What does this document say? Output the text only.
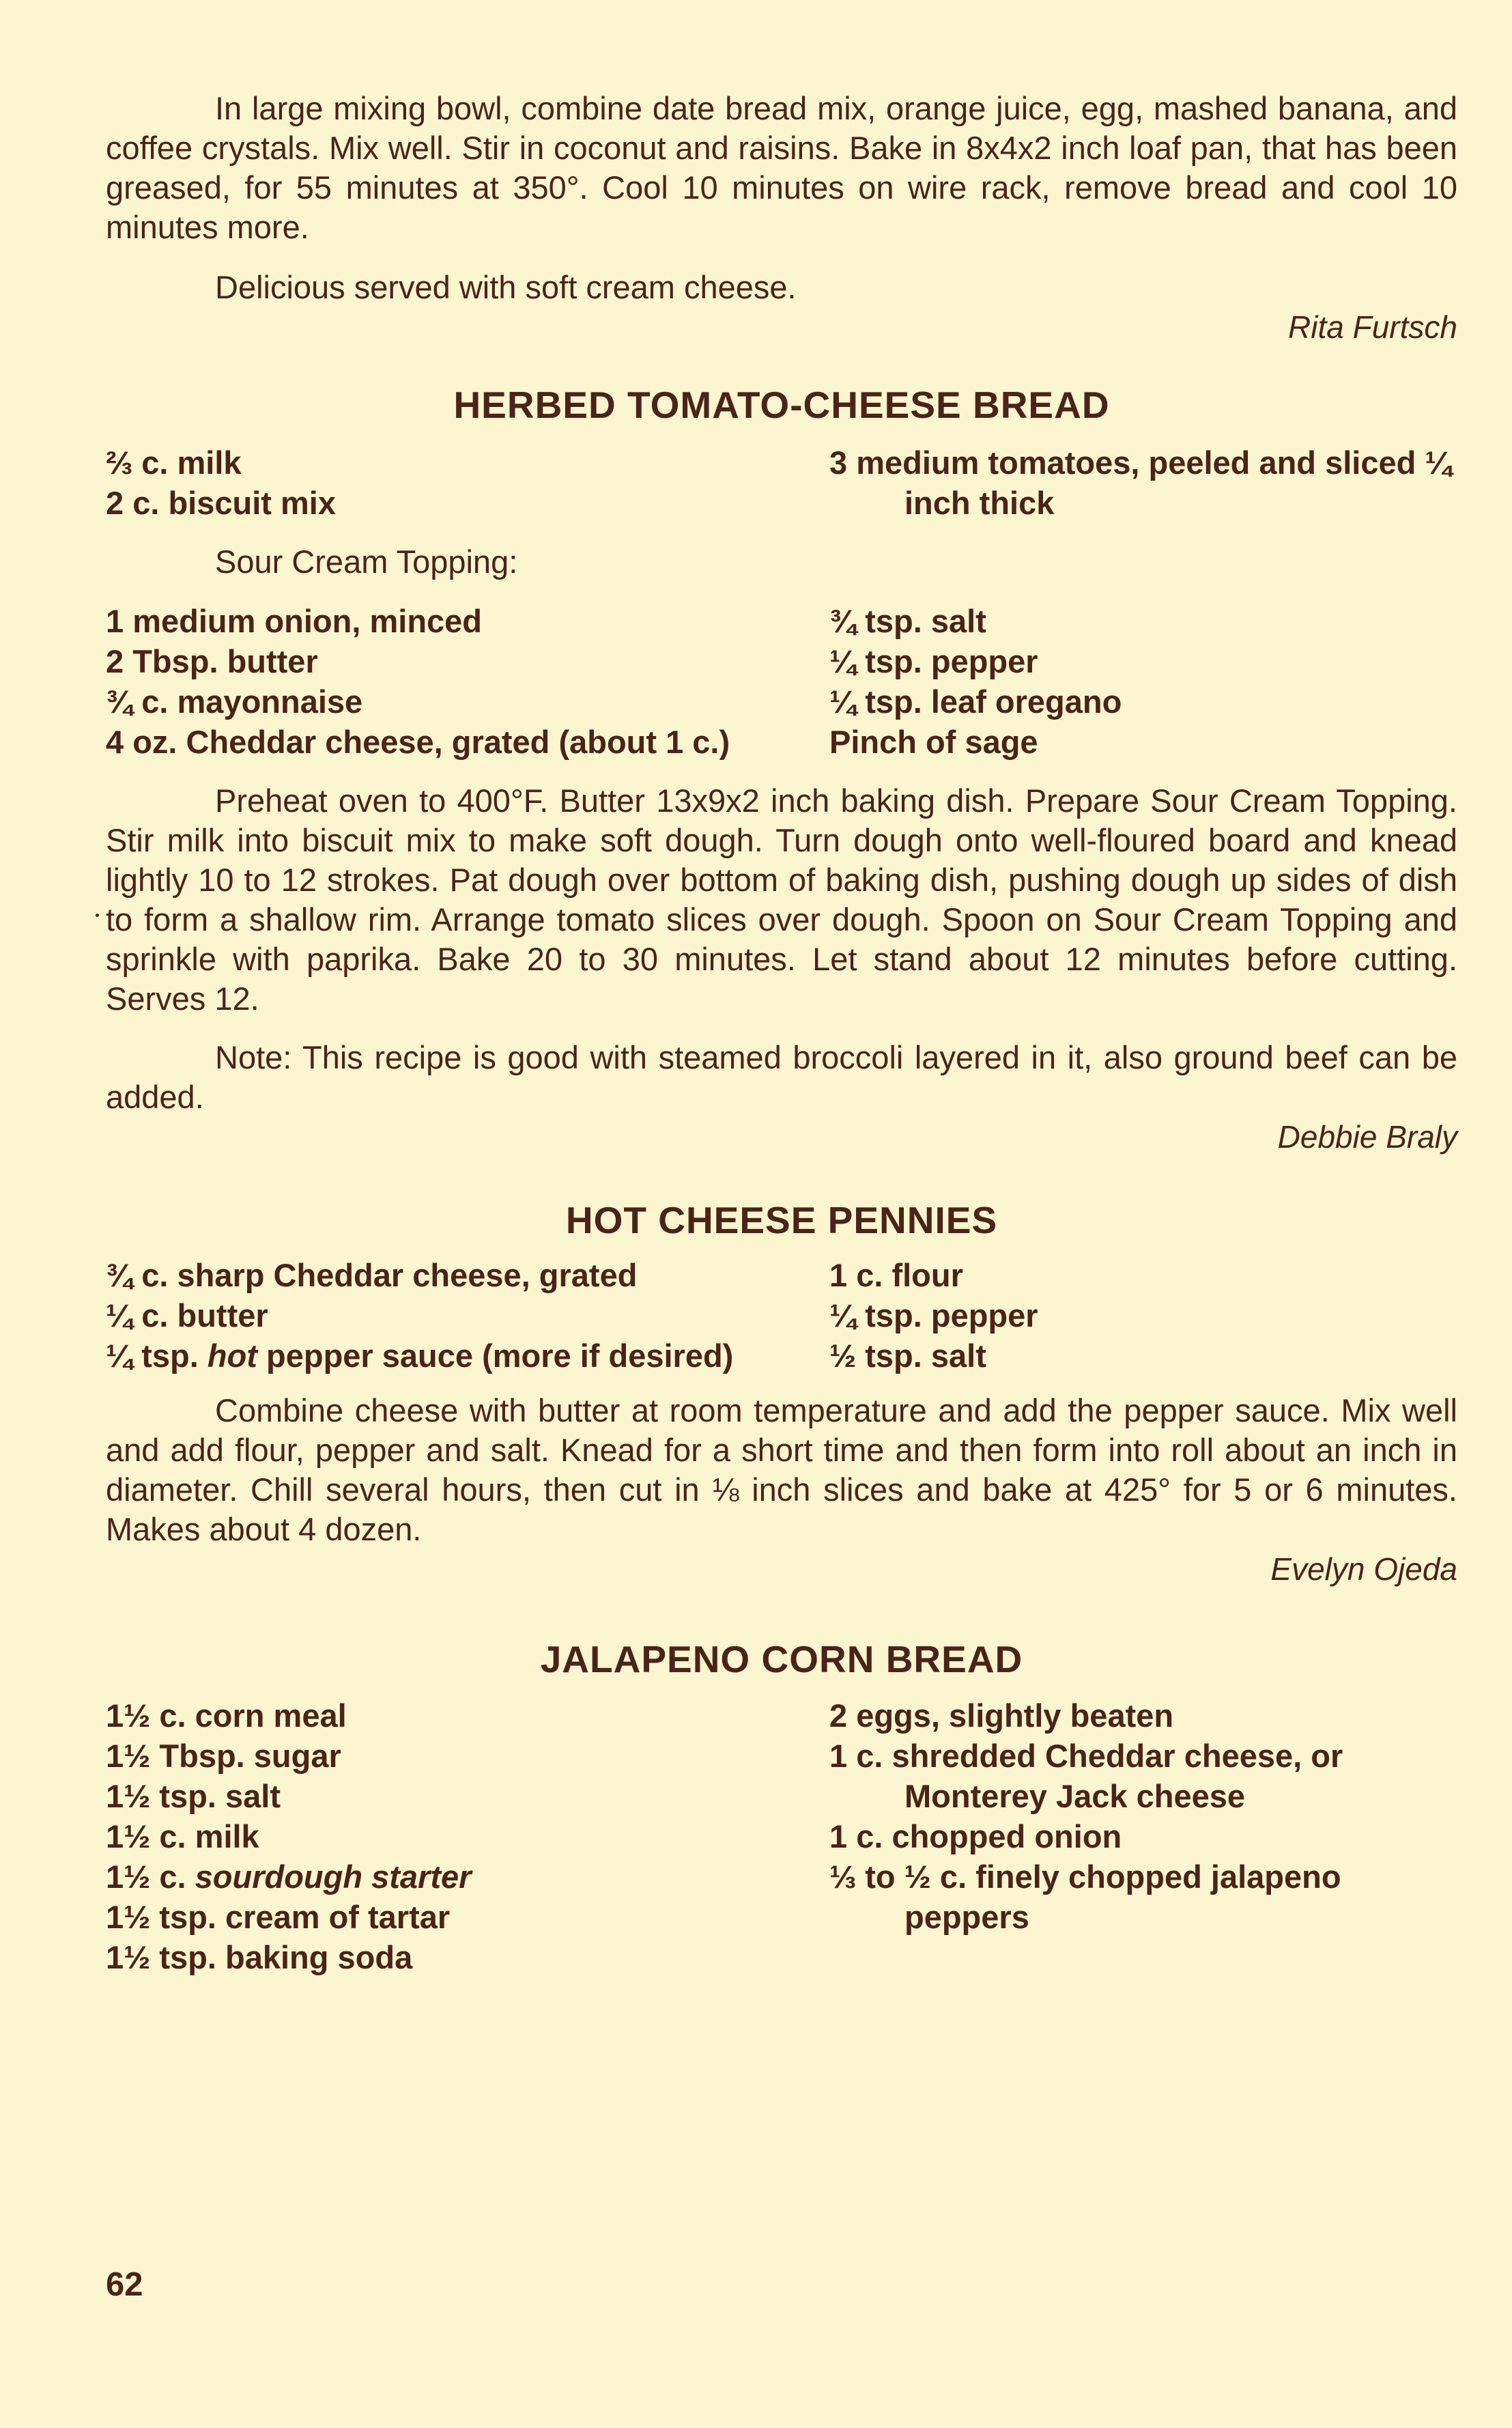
In large mixing bowl, combine date bread mix, orange juice, egg, mashed banana, and coffee crystals. Mix well. Stir in coconut and raisins. Bake in 8x4x2 inch loaf pan, that has been greased, for 55 minutes at 350°. Cool 10 minutes on wire rack, remove bread and cool 10 minutes more.

Delicious served with soft cream cheese.

Rita Furtsch

HERBED TOMATO-CHEESE BREAD

⅔ c. milk

2 c. biscuit mix

3 medium tomatoes, peeled and sliced ¼ inch thick

Sour Cream Topping:

1 medium onion, minced

2 Tbsp. butter

¾ c. mayonnaise

4 oz. Cheddar cheese, grated (about 1 c.)

¾ tsp. salt

¼ tsp. pepper

¼ tsp. leaf oregano

Pinch of sage

Preheat oven to 400°F. Butter 13x9x2 inch baking dish. Prepare Sour Cream Topping. Stir milk into biscuit mix to make soft dough. Turn dough onto well-floured board and knead lightly 10 to 12 strokes. Pat dough over bottom of baking dish, pushing dough up sides of dish to form a shallow rim. Arrange tomato slices over dough. Spoon on Sour Cream Topping and sprinkle with paprika. Bake 20 to 30 minutes. Let stand about 12 minutes before cutting. Serves 12.

Note: This recipe is good with steamed broccoli layered in it, also ground beef can be added.

Debbie Braly

HOT CHEESE PENNIES

¾ c. sharp Cheddar cheese, grated

¼ c. butter

¼ tsp. hot pepper sauce (more if desired)

1 c. flour

¼ tsp. pepper

½ tsp. salt

Combine cheese with butter at room temperature and add the pepper sauce. Mix well and add flour, pepper and salt. Knead for a short time and then form into roll about an inch in diameter. Chill several hours, then cut in ⅛ inch slices and bake at 425° for 5 or 6 minutes. Makes about 4 dozen.

Evelyn Ojeda

JALAPENO CORN BREAD

1½ c. corn meal

1½ Tbsp. sugar

1½ tsp. salt

1½ c. milk

1½ c. sourdough starter

1½ tsp. cream of tartar

1½ tsp. baking soda

2 eggs, slightly beaten

1 c. shredded Cheddar cheese, or Monterey Jack cheese

1 c. chopped onion

⅓ to ½ c. finely chopped jalapeno peppers

62
